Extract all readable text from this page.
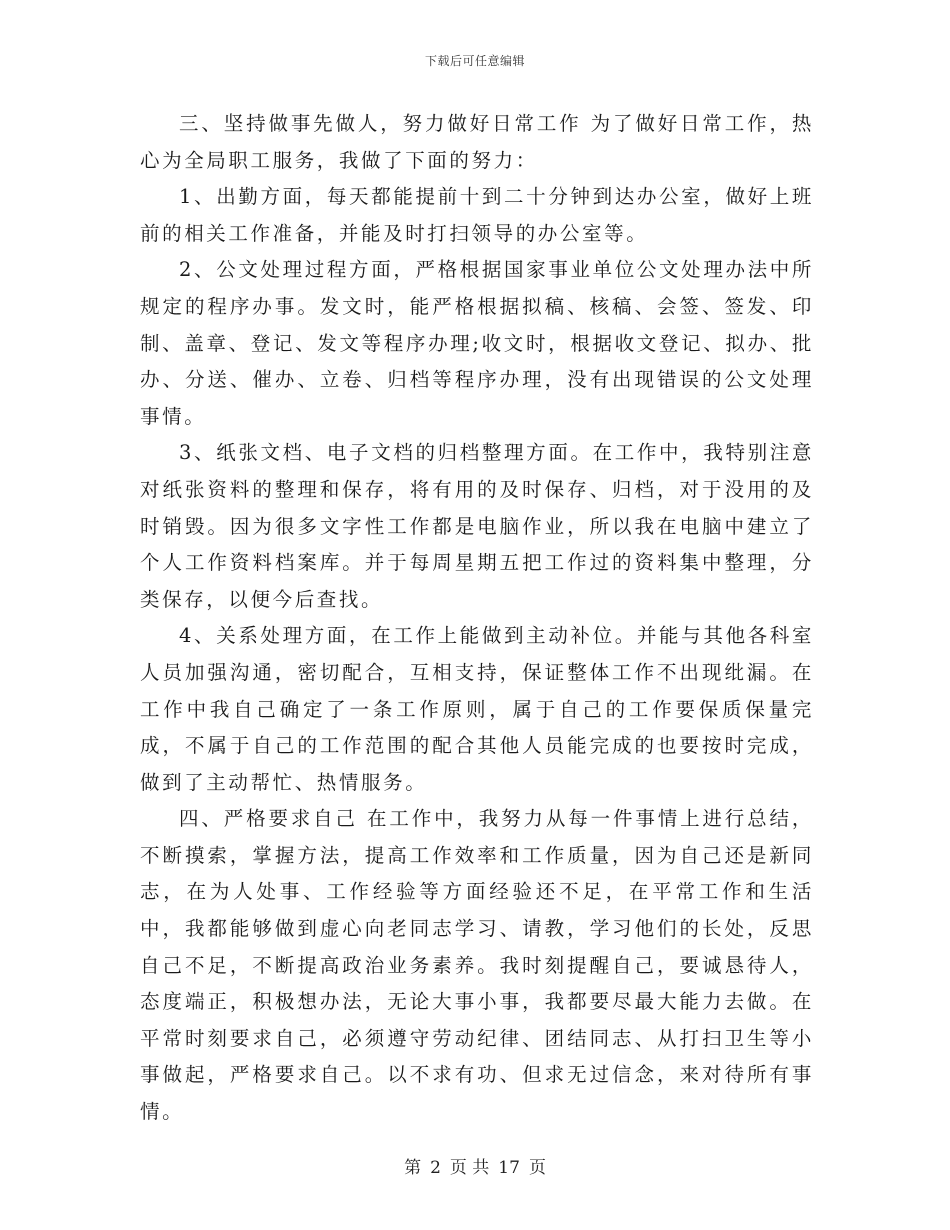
下载后可任意编辑

三、坚持做事先做人，努力做好日常工作 为了做好日常工作，热心为全局职工服务，我做了下面的努力：

1、出勤方面，每天都能提前十到二十分钟到达办公室，做好上班前的相关工作准备，并能及时打扫领导的办公室等。

2、公文处理过程方面，严格根据国家事业单位公文处理办法中所规定的程序办事。发文时，能严格根据拟稿、核稿、会签、签发、印制、盖章、登记、发文等程序办理;收文时，根据收文登记、拟办、批办、分送、催办、立卷、归档等程序办理，没有出现错误的公文处理事情。

3、纸张文档、电子文档的归档整理方面。在工作中，我特别注意对纸张资料的整理和保存，将有用的及时保存、归档，对于没用的及时销毁。因为很多文字性工作都是电脑作业，所以我在电脑中建立了个人工作资料档案库。并于每周星期五把工作过的资料集中整理，分类保存，以便今后查找。

4、关系处理方面，在工作上能做到主动补位。并能与其他各科室人员加强沟通，密切配合，互相支持，保证整体工作不出现纰漏。在工作中我自己确定了一条工作原则，属于自己的工作要保质保量完成，不属于自己的工作范围的配合其他人员能完成的也要按时完成，做到了主动帮忙、热情服务。

四、严格要求自己 在工作中，我努力从每一件事情上进行总结，不断摸索，掌握方法，提高工作效率和工作质量，因为自己还是新同志，在为人处事、工作经验等方面经验还不足，在平常工作和生活中，我都能够做到虚心向老同志学习、请教，学习他们的长处，反思自己不足，不断提高政治业务素养。我时刻提醒自己，要诚恳待人，态度端正，积极想办法，无论大事小事，我都要尽最大能力去做。在平常时刻要求自己，必须遵守劳动纪律、团结同志、从打扫卫生等小事做起，严格要求自己。以不求有功、但求无过信念，来对待所有事情。

第 2 页 共 17 页
